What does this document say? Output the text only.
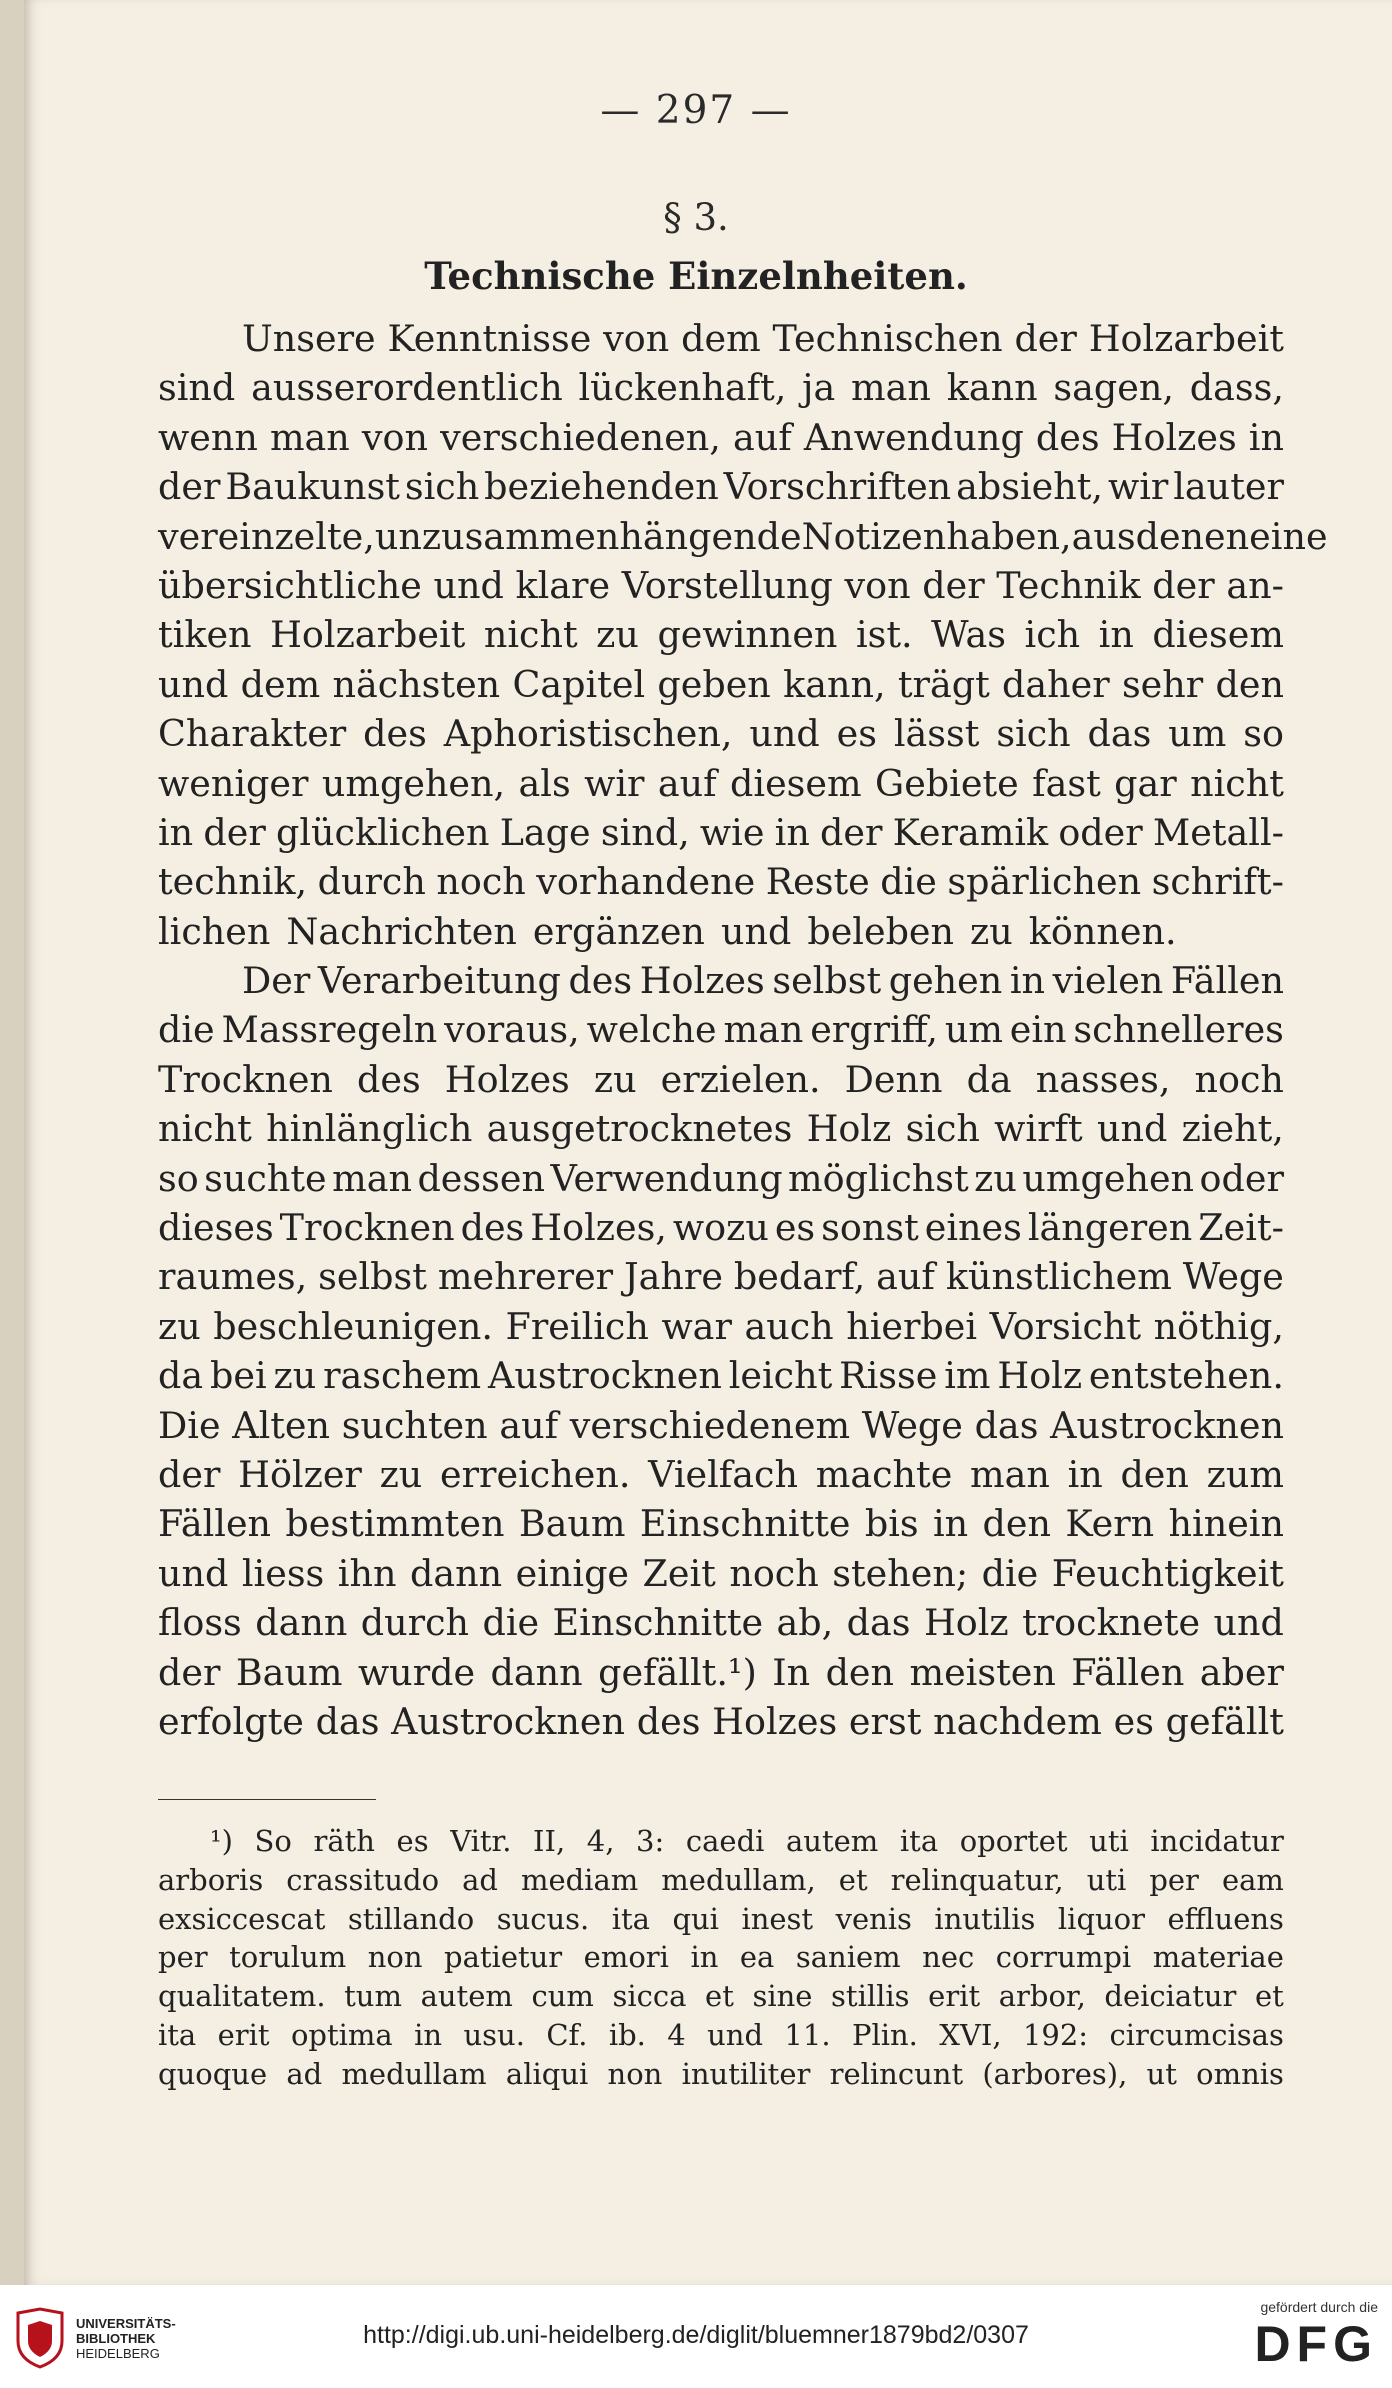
— 297 —
§ 3.
Technische Einzelnheiten.
Unsere Kenntnisse von dem Technischen der Holzarbeit
sind ausserordentlich lückenhaft, ja man kann sagen, dass,
wenn man von verschiedenen, auf Anwendung des Holzes in
der Baukunst sich beziehenden Vorschriften absieht, wir lauter
vereinzelte, unzusammenhängende Notizen haben, aus denen eine
übersichtliche und klare Vorstellung von der Technik der an-
tiken Holzarbeit nicht zu gewinnen ist. Was ich in diesem
und dem nächsten Capitel geben kann, trägt daher sehr den
Charakter des Aphoristischen, und es lässt sich das um so
weniger umgehen, als wir auf diesem Gebiete fast gar nicht
in der glücklichen Lage sind, wie in der Keramik oder Metall-
technik, durch noch vorhandene Reste die spärlichen schrift-
lichen Nachrichten ergänzen und beleben zu können.
Der Verarbeitung des Holzes selbst gehen in vielen Fällen
die Massregeln voraus, welche man ergriff, um ein schnelleres
Trocknen des Holzes zu erzielen. Denn da nasses, noch
nicht hinlänglich ausgetrocknetes Holz sich wirft und zieht,
so suchte man dessen Verwendung möglichst zu umgehen oder
dieses Trocknen des Holzes, wozu es sonst eines längeren Zeit-
raumes, selbst mehrerer Jahre bedarf, auf künstlichem Wege
zu beschleunigen. Freilich war auch hierbei Vorsicht nöthig,
da bei zu raschem Austrocknen leicht Risse im Holz entstehen.
Die Alten suchten auf verschiedenem Wege das Austrocknen
der Hölzer zu erreichen. Vielfach machte man in den zum
Fällen bestimmten Baum Einschnitte bis in den Kern hinein
und liess ihn dann einige Zeit noch stehen; die Feuchtigkeit
floss dann durch die Einschnitte ab, das Holz trocknete und
der Baum wurde dann gefällt.¹) In den meisten Fällen aber
erfolgte das Austrocknen des Holzes erst nachdem es gefällt
¹) So räth es Vitr. II, 4, 3: caedi autem ita oportet uti incidatur
arboris crassitudo ad mediam medullam, et relinquatur, uti per eam
exsiccescat stillando sucus. ita qui inest venis inutilis liquor effluens
per torulum non patietur emori in ea saniem nec corrumpi materiae
qualitatem. tum autem cum sicca et sine stillis erit arbor, deiciatur et
ita erit optima in usu. Cf. ib. 4 und 11. Plin. XVI, 192: circumcisas
quoque ad medullam aliqui non inutiliter relincunt (arbores), ut omnis
UNIVERSITÄTS-
BIBLIOTHEK
HEIDELBERG
http://digi.ub.uni-heidelberg.de/diglit/bluemner1879bd2/0307
gefördert durch die
DFG
